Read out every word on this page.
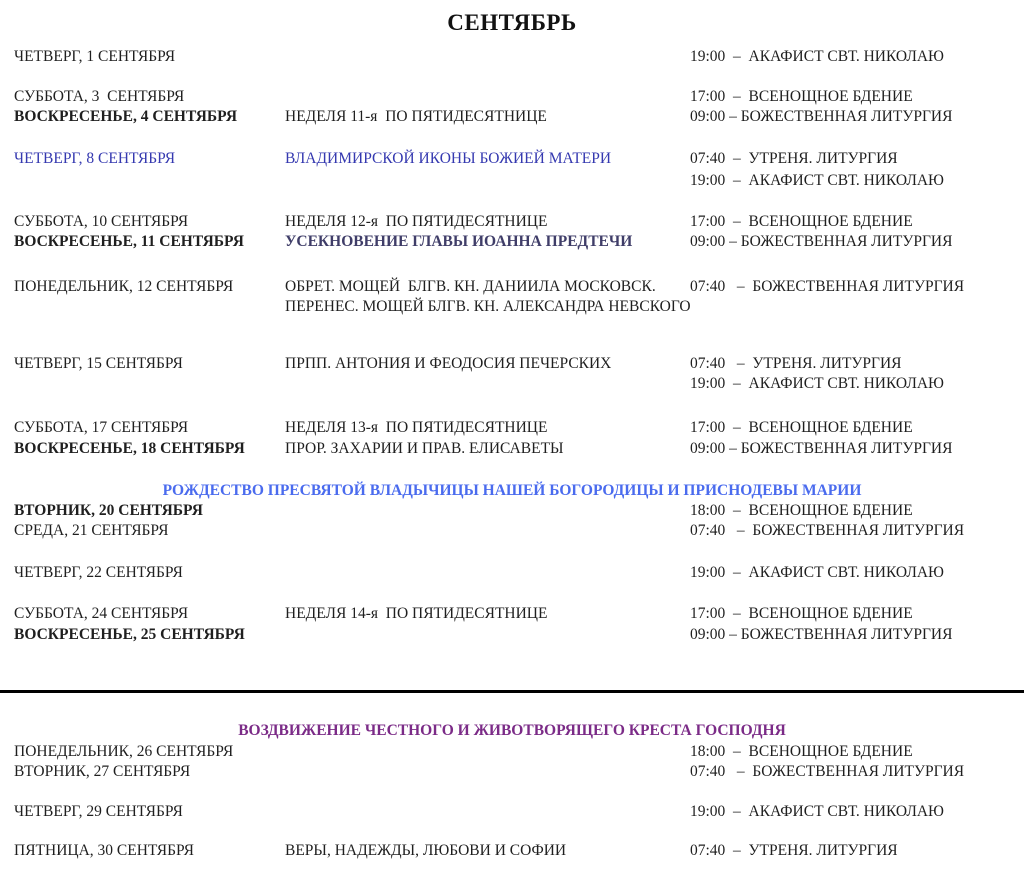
СЕНТЯБРЬ
ЧЕТВЕРГ, 1 СЕНТЯБРЯ	19:00  –  АКАФИСТ СВТ. НИКОЛАЮ
СУББОТА, 3  СЕНТЯБРЯ	17:00  –  ВСЕНОЩНОЕ БДЕНИЕ
ВОСКРЕСЕНЬЕ, 4 СЕНТЯБРЯ	НЕДЕЛЯ 11-я  ПО ПЯТИДЕСЯТНИЦЕ	09:00 – БОЖЕСТВЕННАЯ ЛИТУРГИЯ
ЧЕТВЕРГ, 8 СЕНТЯБРЯ	ВЛАДИМИРСКОЙ ИКОНЫ БОЖИЕЙ МАТЕРИ	07:40  –  УТРЕНЯ. ЛИТУРГИЯ
19:00  –  АКАФИСТ СВТ. НИКОЛАЮ
СУББОТА, 10 СЕНТЯБРЯ	НЕДЕЛЯ 12-я  ПО ПЯТИДЕСЯТНИЦЕ	17:00  –  ВСЕНОЩНОЕ БДЕНИЕ
ВОСКРЕСЕНЬЕ, 11 СЕНТЯБРЯ	УСЕКНОВЕНИЕ ГЛАВЫ ИОАННА ПРЕДТЕЧИ	09:00 – БОЖЕСТВЕННАЯ ЛИТУРГИЯ
ПОНЕДЕЛЬНИК, 12 СЕНТЯБРЯ	ОБРЕТ. МОЩЕЙ  БЛГВ. КН. ДАНИИЛА МОСКОВСК. 07:40   –  БОЖЕСТВЕННАЯ ЛИТУРГИЯ
ПЕРЕНЕС. МОЩЕЙ БЛГВ. КН. АЛЕКСАНДРА НЕВСКОГО
ЧЕТВЕРГ, 15 СЕНТЯБРЯ	ПРПП. АНТОНИЯ И ФЕОДОСИЯ ПЕЧЕРСКИХ	07:40   –  УТРЕНЯ. ЛИТУРГИЯ
19:00  –  АКАФИСТ СВТ. НИКОЛАЮ
СУББОТА, 17 СЕНТЯБРЯ	НЕДЕЛЯ 13-я  ПО ПЯТИДЕСЯТНИЦЕ	17:00  –  ВСЕНОЩНОЕ БДЕНИЕ
ВОСКРЕСЕНЬЕ, 18 СЕНТЯБРЯ	ПРОР. ЗАХАРИИ И ПРАВ. ЕЛИСАВЕТЫ	09:00 – БОЖЕСТВЕННАЯ ЛИТУРГИЯ
РОЖДЕСТВО ПРЕСВЯТОЙ ВЛАДЫЧИЦЫ НАШЕЙ БОГОРОДИЦЫ И ПРИСНОДЕВЫ МАРИИ
ВТОРНИК, 20 СЕНТЯБРЯ	18:00  –  ВСЕНОЩНОЕ БДЕНИЕ
СРЕДА, 21 СЕНТЯБРЯ	07:40   –  БОЖЕСТВЕННАЯ ЛИТУРГИЯ
ЧЕТВЕРГ, 22 СЕНТЯБРЯ	19:00  –  АКАФИСТ СВТ. НИКОЛАЮ
СУББОТА, 24 СЕНТЯБРЯ	НЕДЕЛЯ 14-я  ПО ПЯТИДЕСЯТНИЦЕ	17:00  –  ВСЕНОЩНОЕ БДЕНИЕ
ВОСКРЕСЕНЬЕ, 25 СЕНТЯБРЯ	09:00 – БОЖЕСТВЕННАЯ ЛИТУРГИЯ
ВОЗДВИЖЕНИЕ ЧЕСТНОГО И ЖИВОТВОРЯЩЕГО КРЕСТА ГОСПОДНЯ
ПОНЕДЕЛЬНИК, 26 СЕНТЯБРЯ	18:00  –  ВСЕНОЩНОЕ БДЕНИЕ
ВТОРНИК, 27 СЕНТЯБРЯ	07:40   –  БОЖЕСТВЕННАЯ ЛИТУРГИЯ
ЧЕТВЕРГ, 29 СЕНТЯБРЯ	19:00  –  АКАФИСТ СВТ. НИКОЛАЮ
ПЯТНИЦА, 30 СЕНТЯБРЯ	ВЕРЫ, НАДЕЖДЫ, ЛЮБОВИ И СОФИИ	07:40  –  УТРЕНЯ. ЛИТУРГИЯ
